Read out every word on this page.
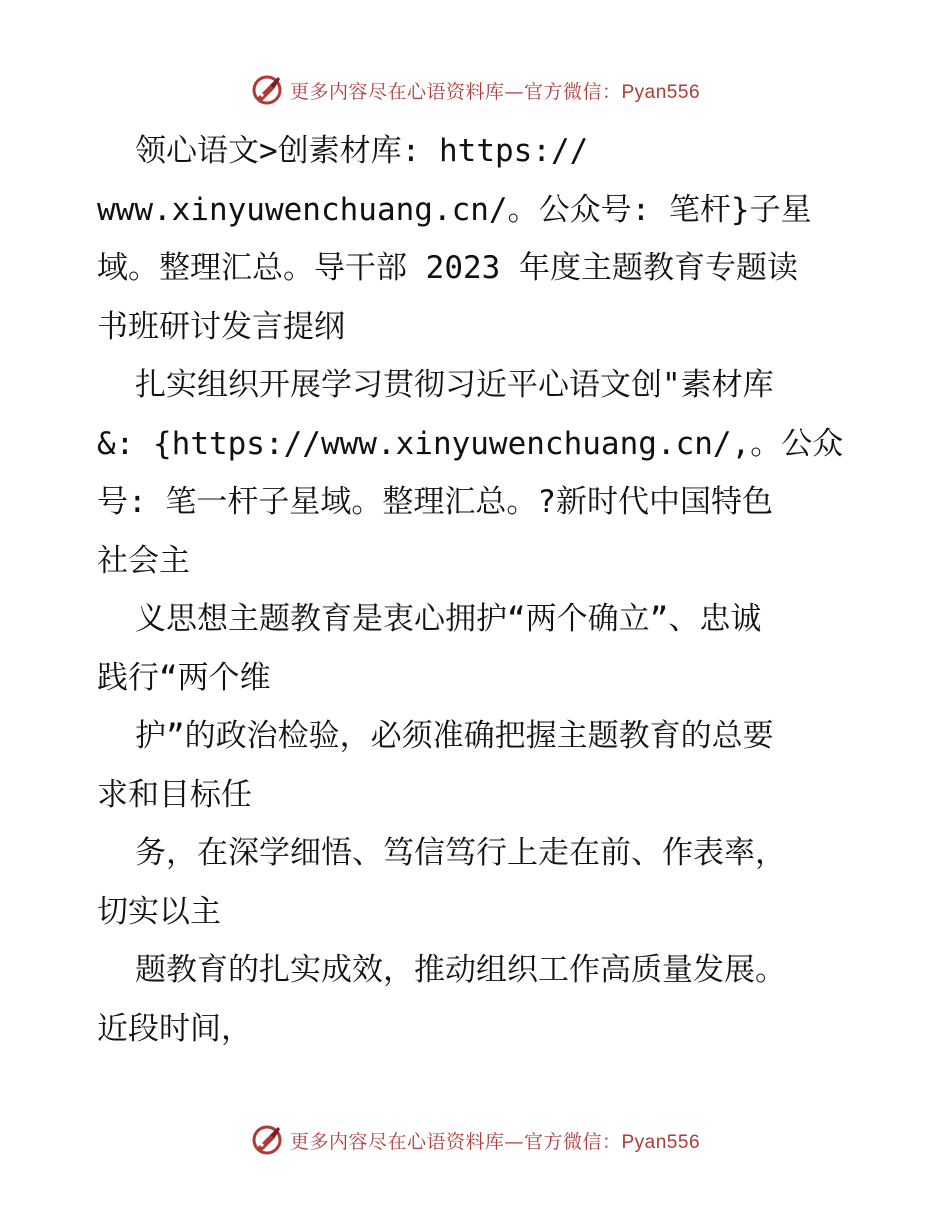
更多内容尽在心语资料库—官方微信：Pyan556
领心语文>创素材库: https://
www.xinyuwenchuang.cn/。公众号: 笔杆}子星
域。整理汇总。导干部 2023 年度主题教育专题读
书班研讨发言提纲
扎实组织开展学习贯彻习近平心语文创"素材库
&: {https://www.xinyuwenchuang.cn/,。公众
号: 笔一杆子星域。整理汇总。?新时代中国特色
社会主
义思想主题教育是衷心拥护“两个确立”、忠诚
践行“两个维
护”的政治检验，必须准确把握主题教育的总要
求和目标任
务，在深学细悟、笃信笃行上走在前、作表率，
切实以主
题教育的扎实成效，推动组织工作高质量发展。
近段时间，
更多内容尽在心语资料库—官方微信：Pyan556
